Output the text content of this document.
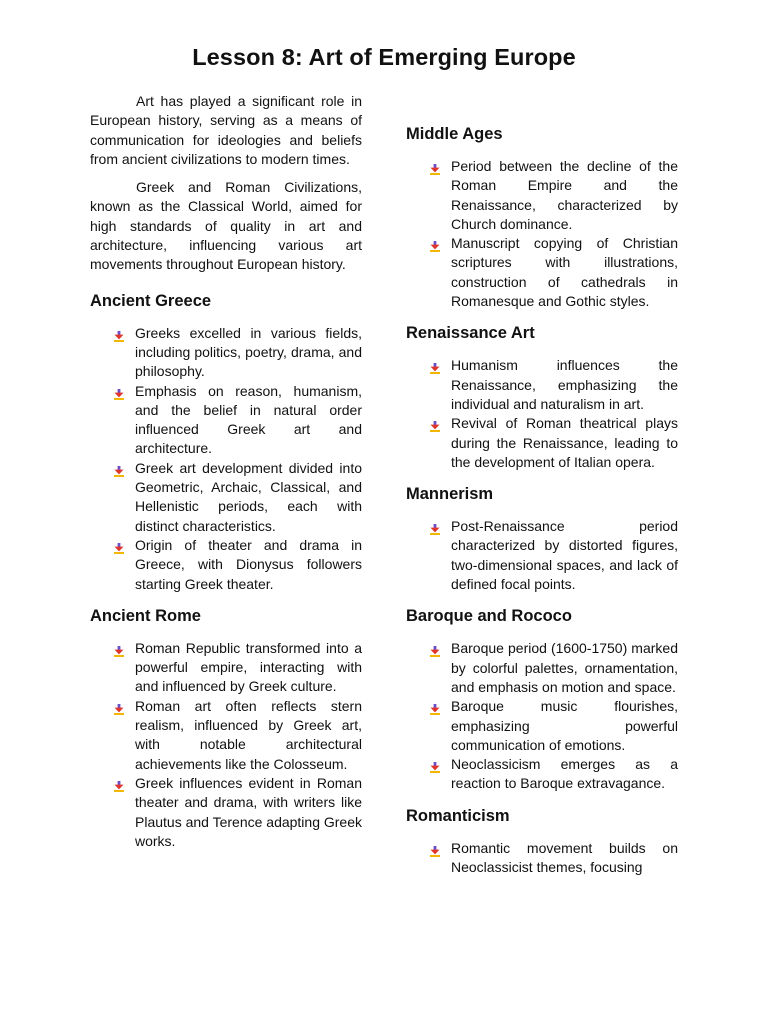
Lesson 8: Art of Emerging Europe

Art has played a significant role in European history, serving as a means of communication for ideologies and beliefs from ancient civilizations to modern times.

Greek and Roman Civilizations, known as the Classical World, aimed for high standards of quality in art and architecture, influencing various art movements throughout European history.

Ancient Greece
Greeks excelled in various fields, including politics, poetry, drama, and philosophy.
Emphasis on reason, humanism, and the belief in natural order influenced Greek art and architecture.
Greek art development divided into Geometric, Archaic, Classical, and Hellenistic periods, each with distinct characteristics.
Origin of theater and drama in Greece, with Dionysus followers starting Greek theater.
Ancient Rome
Roman Republic transformed into a powerful empire, interacting with and influenced by Greek culture.
Roman art often reflects stern realism, influenced by Greek art, with notable architectural achievements like the Colosseum.
Greek influences evident in Roman theater and drama, with writers like Plautus and Terence adapting Greek works.
Middle Ages
Period between the decline of the Roman Empire and the Renaissance, characterized by Church dominance.
Manuscript copying of Christian scriptures with illustrations, construction of cathedrals in Romanesque and Gothic styles.
Renaissance Art
Humanism influences the Renaissance, emphasizing the individual and naturalism in art.
Revival of Roman theatrical plays during the Renaissance, leading to the development of Italian opera.
Mannerism
Post-Renaissance period characterized by distorted figures, two-dimensional spaces, and lack of defined focal points.
Baroque and Rococo
Baroque period (1600-1750) marked by colorful palettes, ornamentation, and emphasis on motion and space.
Baroque music flourishes, emphasizing powerful communication of emotions.
Neoclassicism emerges as a reaction to Baroque extravagance.
Romanticism
Romantic movement builds on Neoclassicist themes, focusing
